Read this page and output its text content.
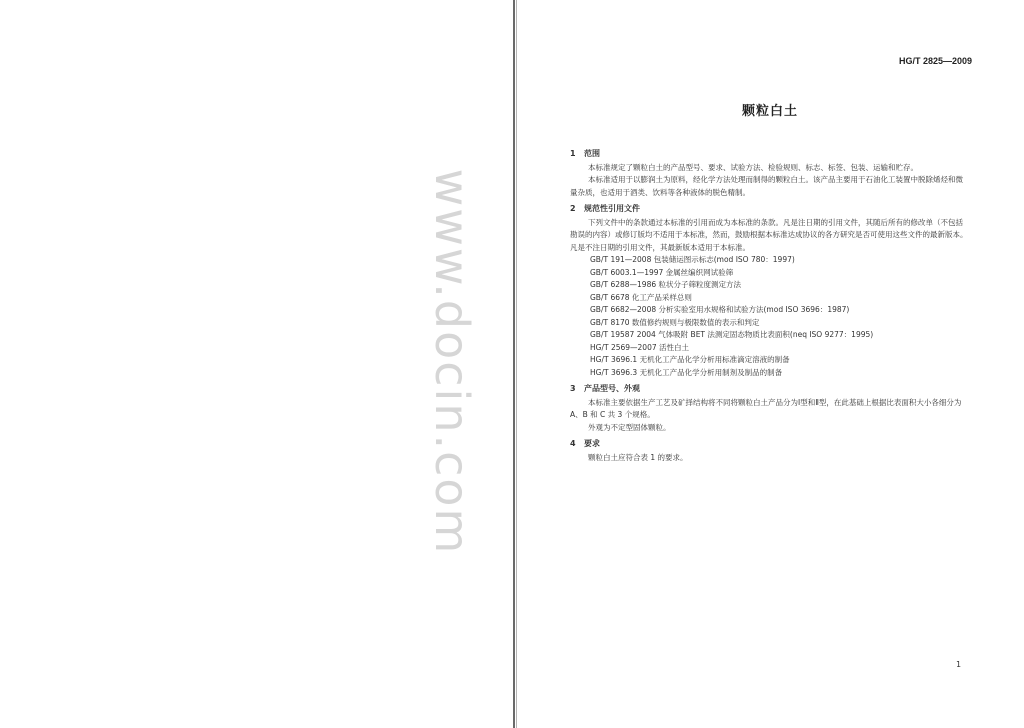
www.docin.com
HG/T 2825—2009
颗粒白土
1 范围

本标准规定了颗粒白土的产品型号、要求、试验方法、检验规则、标志、标签、包装、运输和贮存。

本标准适用于以膨润土为原料，经化学方法处理而制得的颗粒白土。该产品主要用于石油化工装置中脱除烯烃和微量杂质，也适用于酒类、饮料等各种液体的脱色精制。

2 规范性引用文件

下列文件中的条款通过本标准的引用而成为本标准的条款。凡是注日期的引用文件，其随后所有的修改单（不包括勘误的内容）或修订版均不适用于本标准，然而，鼓励根据本标准达成协议的各方研究是否可使用这些文件的最新版本。凡是不注日期的引用文件，其最新版本适用于本标准。

GB/T 191—2008 包装储运图示标志(mod ISO 780：1997)

GB/T 6003.1—1997 金属丝编织网试验筛

GB/T 6288—1986 粒状分子筛粒度测定方法

GB/T 6678 化工产品采样总则

GB/T 6682—2008 分析实验室用水规格和试验方法(mod ISO 3696：1987)

GB/T 8170 数值修约规则与极限数值的表示和判定

GB/T 19587 2004 气体吸附 BET 法测定固态物质比表面积(neq ISO 9277：1995)

HG/T 2569—2007 活性白土

HG/T 3696.1 无机化工产品化学分析用标准滴定溶液的制备

HG/T 3696.3 无机化工产品化学分析用制剂及制品的制备

3 产品型号、外观

本标准主要依据生产工艺及矿择结构将不同将颗粒白土产品分为Ⅰ型和Ⅱ型，在此基础上根据比表面积大小各细分为 A、B 和 C 共 3 个规格。

外观为不定型固体颗粒。

4 要求

颗粒白土应符合表 1 的要求。

1
